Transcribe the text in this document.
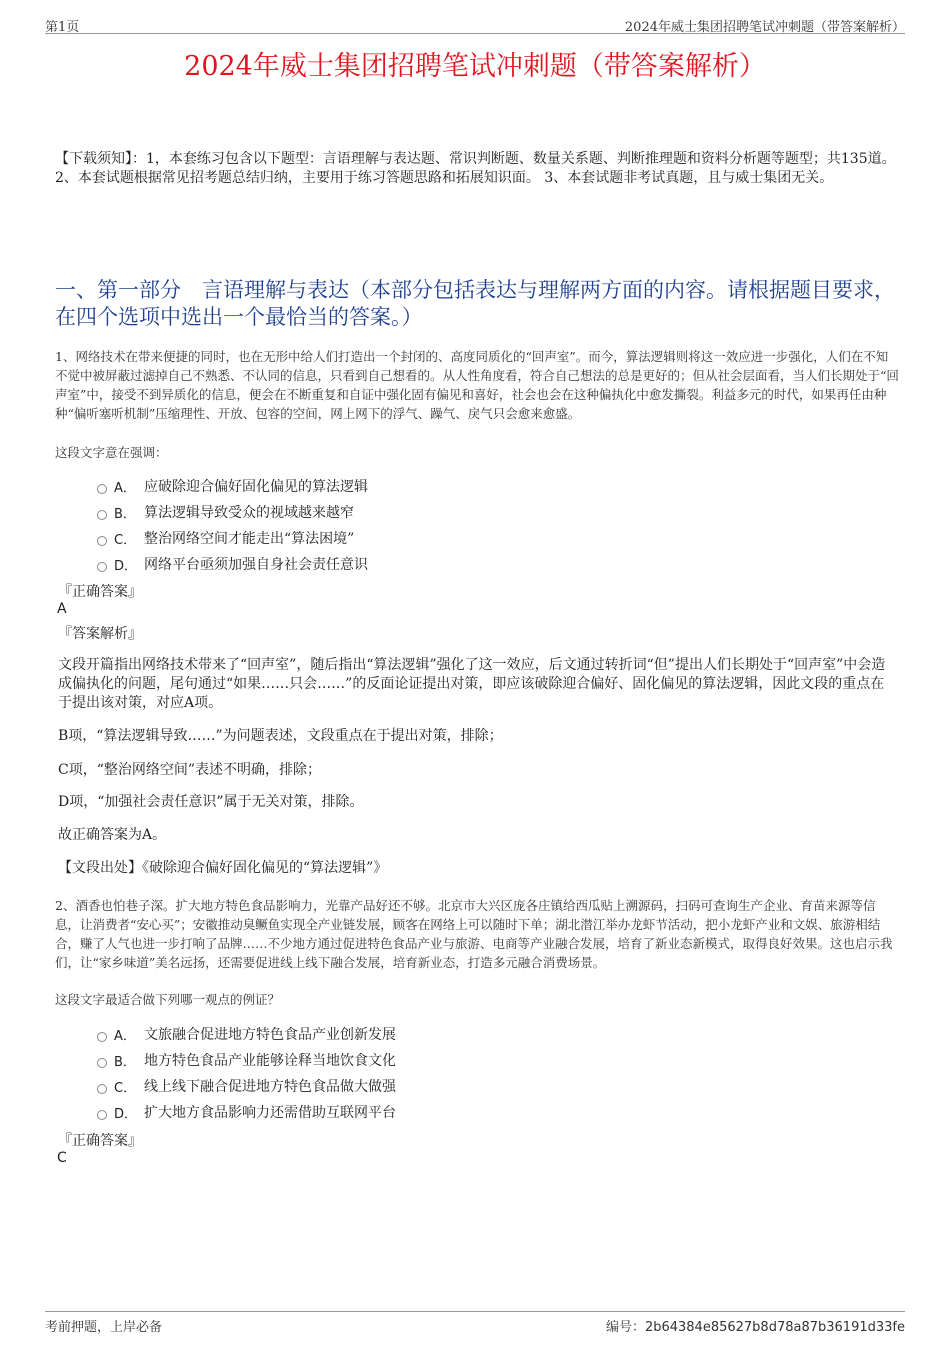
第1页	2024年威士集团招聘笔试冲刺题（带答案解析）
2024年威士集团招聘笔试冲刺题（带答案解析）
【下载须知】：1，本套练习包含以下题型：言语理解与表达题、常识判断题、数量关系题、判断推理题和资料分析题等题型；共135道。 2、本套试题根据常见招考题总结归纳，主要用于练习答题思路和拓展知识面。 3、本套试题非考试真题，且与威士集团无关。
一、第一部分　言语理解与表达（本部分包括表达与理解两方面的内容。请根据题目要求，在四个选项中选出一个最恰当的答案。）
1、网络技术在带来便捷的同时，也在无形中给人们打造出一个封闭的、高度同质化的“回声室”。而今，算法逻辑则将这一效应进一步强化，人们在不知不觉中被屏蔽过滤掉自己不熟悉、不认同的信息，只看到自己想看的。从人性角度看，符合自己想法的总是更好的；但从社会层面看，当人们长期处于“回声室”中，接受不到异质化的信息，便会在不断重复和自证中强化固有偏见和喜好，社会也会在这种偏执化中愈发撕裂。利益多元的时代，如果再任由种种“偏听塞听机制”压缩理性、开放、包容的空间，网上网下的浮气、躁气、戾气只会愈来愈盛。
这段文字意在强调：
A． 应破除迎合偏好固化偏见的算法逻辑
B． 算法逻辑导致受众的视域越来越窄
C． 整治网络空间才能走出“算法困境”
D． 网络平台亟须加强自身社会责任意识
『正确答案』
A
『答案解析』
文段开篇指出网络技术带来了“回声室”，随后指出“算法逻辑”强化了这一效应，后文通过转折词“但”提出人们长期处于“回声室”中会造成偏执化的问题，尾句通过“如果……只会……”的反面论证提出对策，即应该破除迎合偏好、固化偏见的算法逻辑，因此文段的重点在于提出该对策，对应A项。
B项，“算法逻辑导致……”为问题表述，文段重点在于提出对策，排除；
C项，“整治网络空间”表述不明确，排除；
D项，“加强社会责任意识”属于无关对策，排除。
故正确答案为A。
【文段出处】《破除迎合偏好固化偏见的“算法逻辑”》
2、酒香也怕巷子深。扩大地方特色食品影响力，光靠产品好还不够。北京市大兴区庞各庄镇给西瓜贴上溯源码，扫码可查询生产企业、育苗来源等信息，让消费者“安心买”；安徽推动臭鳜鱼实现全产业链发展，顾客在网络上可以随时下单；湖北潜江举办龙虾节活动，把小龙虾产业和文娱、旅游相结合，赚了人气也进一步打响了品牌……不少地方通过促进特色食品产业与旅游、电商等产业融合发展，培育了新业态新模式，取得良好效果。这也启示我们，让“家乡味道”美名远扬，还需要促进线上线下融合发展，培育新业态，打造多元融合消费场景。
这段文字最适合做下列哪一观点的例证？
A． 文旅融合促进地方特色食品产业创新发展
B． 地方特色食品产业能够诠释当地饮食文化
C． 线上线下融合促进地方特色食品做大做强
D． 扩大地方食品影响力还需借助互联网平台
『正确答案』
C
考前押题，上岸必备	编号：2b64384e85627b8d78a87b36191d33fe
